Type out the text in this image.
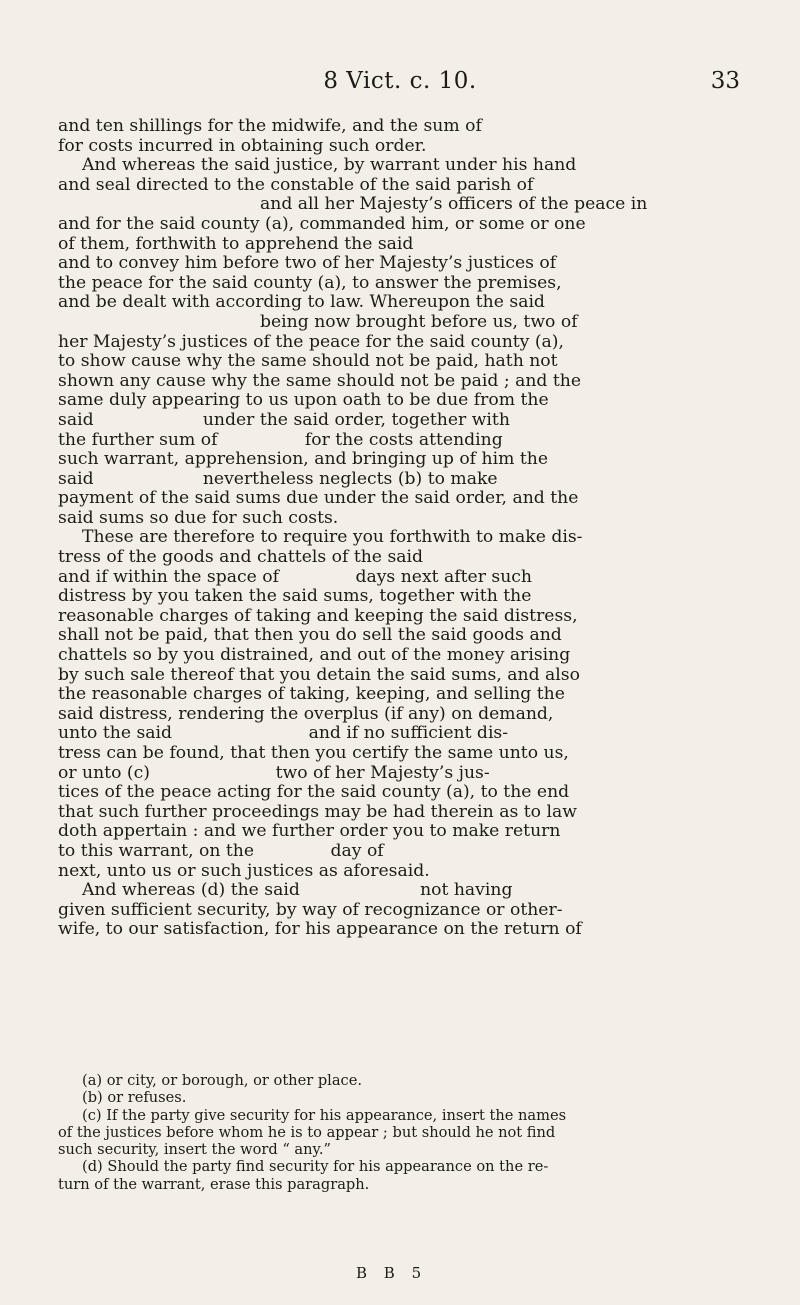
8 Vict. c. 10.	33
and ten shillings for the midwife, and the sum of
for costs incurred in obtaining such order.
And whereas the said justice, by warrant under his hand
and seal directed to the constable of the said parish of
and all her Majesty’s officers of the peace in
and for the said county (a), commanded him, or some or one
of them, forthwith to apprehend the said
and to convey him before two of her Majesty’s justices of
the peace for the said county (a), to answer the premises,
and be dealt with according to law. Whereupon the said
being now brought before us, two of
her Majesty’s justices of the peace for the said county (a),
to show cause why the same should not be paid, hath not
shown any cause why the same should not be paid ; and the
same duly appearing to us upon oath to be due from the
said                    under the said order, together with
the further sum of                for the costs attending
such warrant, apprehension, and bringing up of him the
said                    nevertheless neglects (b) to make
payment of the said sums due under the said order, and the
said sums so due for such costs.
These are therefore to require you forthwith to make dis-
tress of the goods and chattels of the said
and if within the space of              days next after such
distress by you taken the said sums, together with the
reasonable charges of taking and keeping the said distress,
shall not be paid, that then you do sell the said goods and
chattels so by you distrained, and out of the money arising
by such sale thereof that you detain the said sums, and also
the reasonable charges of taking, keeping, and selling the
said distress, rendering the overplus (if any) on demand,
unto the said                         and if no sufficient dis-
tress can be found, that then you certify the same unto us,
or unto (c)                       two of her Majesty’s jus-
tices of the peace acting for the said county (a), to the end
that such further proceedings may be had therein as to law
doth appertain : and we further order you to make return
to this warrant, on the              day of
next, unto us or such justices as aforesaid.
And whereas (d) the said                      not having
given sufficient security, by way of recognizance or other-
wife, to our satisfaction, for his appearance on the return of
(a) or city, or borough, or other place.
(b) or refuses.
(c) If the party give security for his appearance, insert the names
of the justices before whom he is to appear ; but should he not find
such security, insert the word “ any.”
(d) Should the party find security for his appearance on the re-
turn of the warrant, erase this paragraph.
B B 5
